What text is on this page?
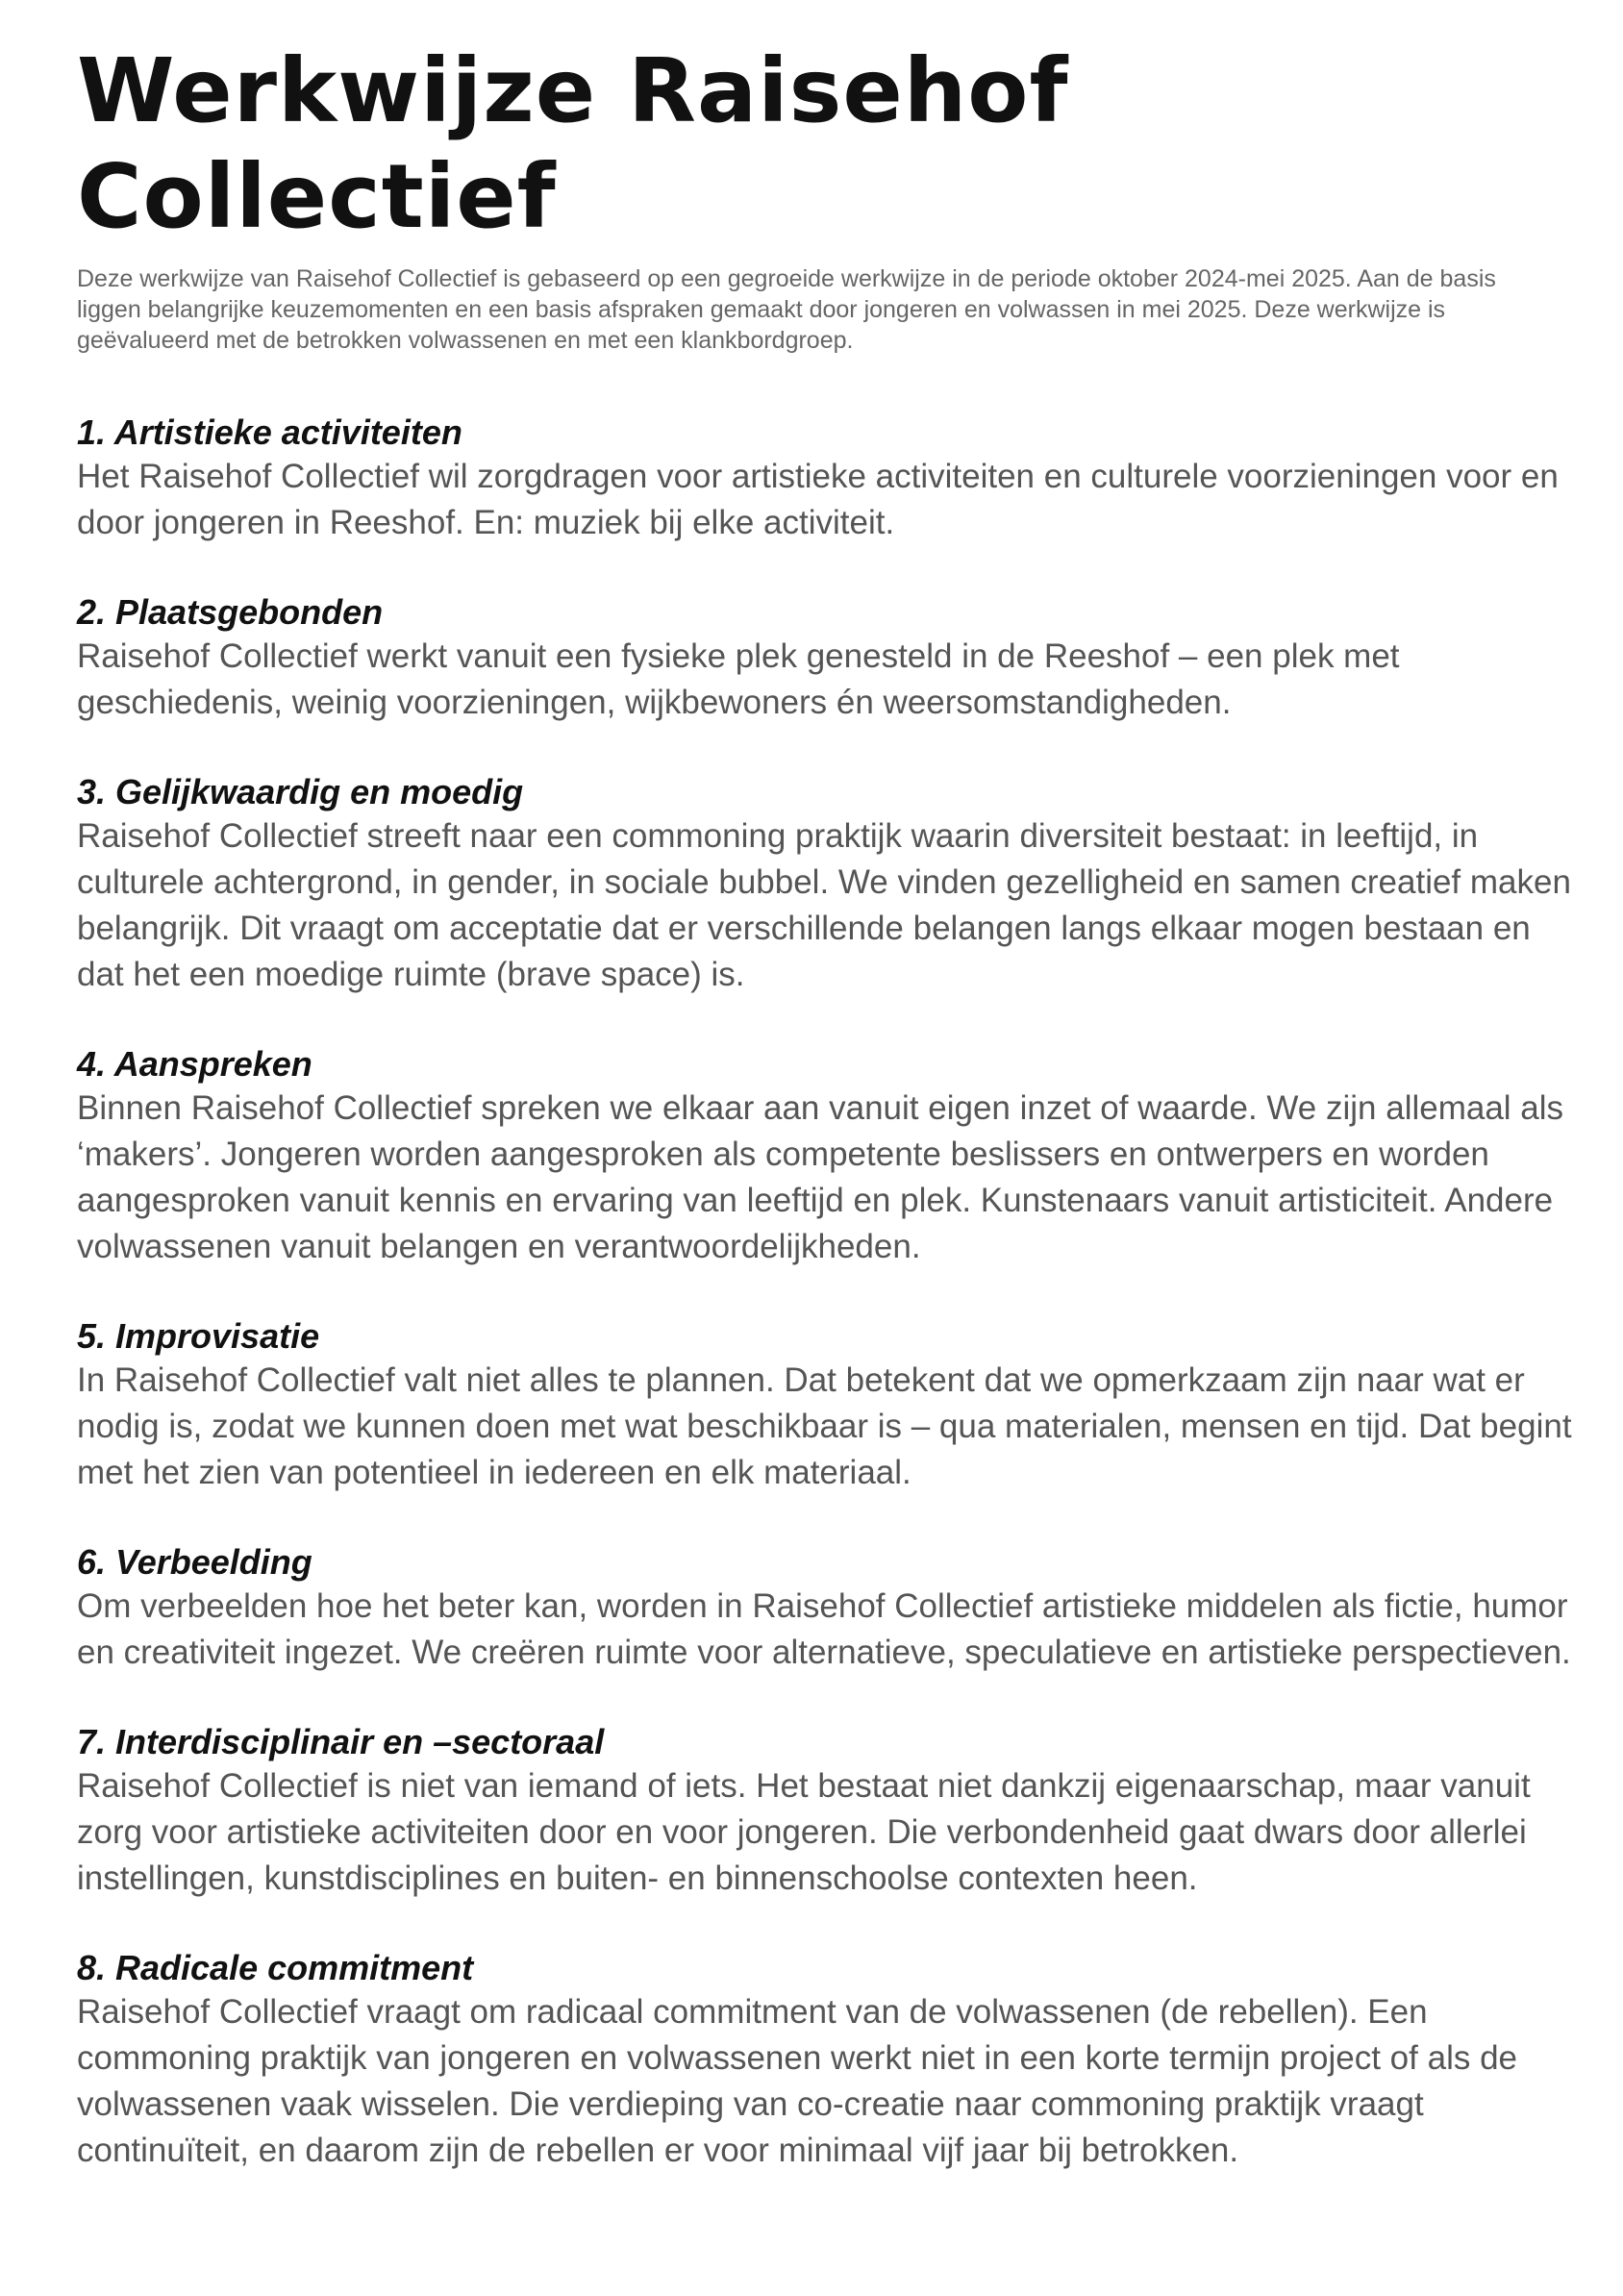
Werkwijze Raisehof Collectief

Deze werkwijze van Raisehof Collectief is gebaseerd op een gegroeide werkwijze in de periode oktober 2024-mei 2025. Aan de basis liggen belangrijke keuzemomenten en een basis afspraken gemaakt door jongeren en volwassen in mei 2025. Deze werkwijze is geëvalueerd met de betrokken volwassenen en met een klankbordgroep.

1. Artistieke activiteiten

Het Raisehof Collectief wil zorgdragen voor artistieke activiteiten en culturele voorzieningen voor en door jongeren in Reeshof. En: muziek bij elke activiteit.

2. Plaatsgebonden

Raisehof Collectief werkt vanuit een fysieke plek genesteld in de Reeshof – een plek met geschiedenis, weinig voorzieningen, wijkbewoners én weersomstandigheden.

3. Gelijkwaardig en moedig

Raisehof Collectief streeft naar een commoning praktijk waarin diversiteit bestaat: in leeftijd, in culturele achtergrond, in gender, in sociale bubbel. We vinden gezelligheid en samen creatief maken belangrijk. Dit vraagt om acceptatie dat er verschillende belangen langs elkaar mogen bestaan en dat het een moedige ruimte (brave space) is.

4. Aanspreken

Binnen Raisehof Collectief spreken we elkaar aan vanuit eigen inzet of waarde. We zijn allemaal als ‘makers’. Jongeren worden aangesproken als competente beslissers en ontwerpers en worden aangesproken vanuit kennis en ervaring van leeftijd en plek. Kunstenaars vanuit artisticiteit. Andere volwassenen vanuit belangen en verantwoordelijkheden.

5. Improvisatie

In Raisehof Collectief valt niet alles te plannen. Dat betekent dat we opmerkzaam zijn naar wat er nodig is, zodat we kunnen doen met wat beschikbaar is – qua materialen, mensen en tijd. Dat begint met het zien van potentieel in iedereen en elk materiaal.

6. Verbeelding

Om verbeelden hoe het beter kan, worden in Raisehof Collectief artistieke middelen als fictie, humor en creativiteit ingezet. We creëren ruimte voor alternatieve, speculatieve en artistieke perspectieven.

7. Interdisciplinair en –sectoraal

Raisehof Collectief is niet van iemand of iets. Het bestaat niet dankzij eigenaarschap, maar vanuit zorg voor artistieke activiteiten door en voor jongeren. Die verbondenheid gaat dwars door allerlei instellingen, kunstdisciplines en buiten- en binnenschoolse contexten heen.

8. Radicale commitment

Raisehof Collectief vraagt om radicaal commitment van de volwassenen (de rebellen). Een commoning praktijk van jongeren en volwassenen werkt niet in een korte termijn project of als de volwassenen vaak wisselen. Die verdieping van co-creatie naar commoning praktijk vraagt continuïteit, en daarom zijn de rebellen er voor minimaal vijf jaar bij betrokken.
